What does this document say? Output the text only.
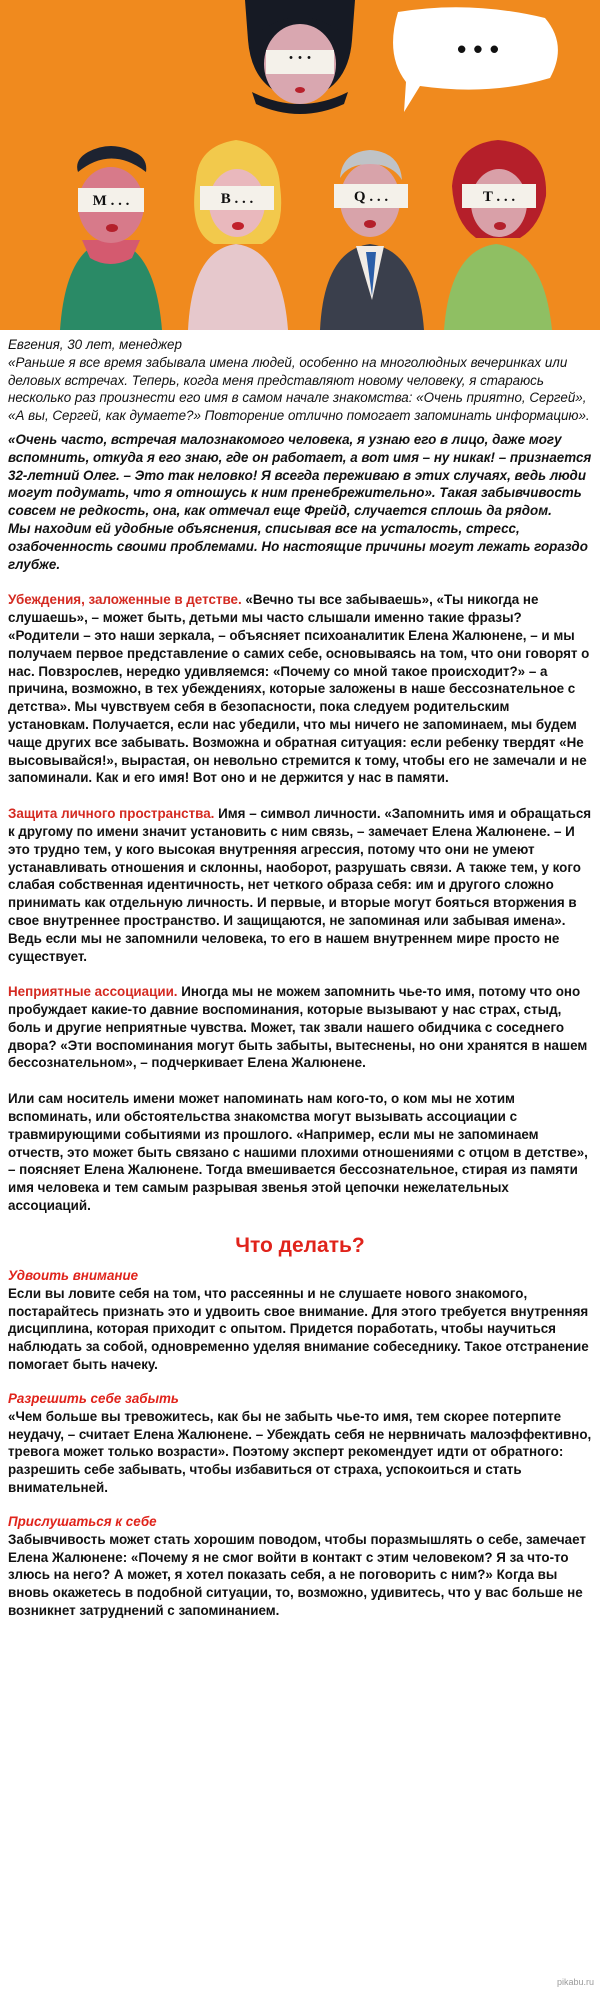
. . .	• • •
M . . .	B . . .	Q . . .	T . . .

Евгения, 30 лет, менеджер
«Раньше я все время забывала имена людей, особенно на многолюдных вечеринках или деловых встречах. Теперь, когда меня представляют новому человеку, я стараюсь несколько раз произнести его имя в самом начале знакомства: «Очень приятно, Сергей», «А вы, Сергей, как думаете?» Повторение отлично помогает запоминать информацию».

«Очень часто, встречая малознакомого человека, я узнаю его в лицо, даже могу вспомнить, откуда я его знаю, где он работает, а вот имя – ну никак! – признается 32-летний Олег. – Это так неловко! Я всегда переживаю в этих случаях, ведь люди могут подумать, что я отношусь к ним пренебрежительно». Такая забывчивость совсем не редкость, она, как отмечал еще Фрейд, случается сплошь да рядом.
Мы находим ей удобные объяснения, списывая все на усталость, стресс, озабоченность своими проблемами. Но настоящие причины могут лежать гораздо глубже.

Убеждения, заложенные в детстве. «Вечно ты все забываешь», «Ты никогда не слушаешь», – может быть, детьми мы часто слышали именно такие фразы? «Родители – это наши зеркала, – объясняет психоаналитик Елена Жалюнене, – и мы получаем первое представление о самих себе, основываясь на том, что они говорят о нас. Повзрослев, нередко удивляемся: «Почему со мной такое происходит?» – а причина, возможно, в тех убеждениях, которые заложены в наше бессознательное с детства». Мы чувствуем себя в безопасности, пока следуем родительским установкам. Получается, если нас убедили, что мы ничего не запоминаем, мы будем чаще других все забывать. Возможна и обратная ситуация: если ребенку твердят «Не высовывайся!», вырастая, он невольно стремится к тому, чтобы его не замечали и не запоминали. Как и его имя! Вот оно и не держится у нас в памяти.

Защита личного пространства. Имя – символ личности. «Запомнить имя и обращаться к другому по имени значит установить с ним связь, – замечает Елена Жалюнене. – И это трудно тем, у кого высокая внутренняя агрессия, потому что они не умеют устанавливать отношения и склонны, наоборот, разрушать связи. А также тем, у кого слабая собственная идентичность, нет четкого образа себя: им и другого сложно принимать как отдельную личность. И первые, и вторые могут бояться вторжения в свое внутреннее пространство. И защищаются, не запоминая или забывая имена». Ведь если мы не запомнили человека, то его в нашем внутреннем мире просто не существует.

Неприятные ассоциации. Иногда мы не можем запомнить чье-то имя, потому что оно пробуждает какие-то давние воспоминания, которые вызывают у нас страх, стыд, боль и другие неприятные чувства. Может, так звали нашего обидчика с соседнего двора? «Эти воспоминания могут быть забыты, вытеснены, но они хранятся в нашем бессознательном», – подчеркивает Елена Жалюнене.

Или сам носитель имени может напоминать нам кого-то, о ком мы не хотим вспоминать, или обстоятельства знакомства могут вызывать ассоциации с травмирующими событиями из прошлого. «Например, если мы не запоминаем отчеств, это может быть связано с нашими плохими отношениями с отцом в детстве», – поясняет Елена Жалюнене. Тогда вмешивается бессознательное, стирая из памяти имя человека и тем самым разрывая звенья этой цепочки нежелательных ассоциаций.

Что делать?

Удвоить внимание

Если вы ловите себя на том, что рассеянны и не слушаете нового знакомого, постарайтесь признать это и удвоить свое внимание. Для этого требуется внутренняя дисциплина, которая приходит с опытом. Придется поработать, чтобы научиться наблюдать за собой, одновременно уделяя внимание собеседнику. Такое отстранение помогает быть начеку.

Разрешить себе забыть

«Чем больше вы тревожитесь, как бы не забыть чье-то имя, тем скорее потерпите неудачу, – считает Елена Жалюнене. – Убеждать себя не нервничать малоэффективно, тревога может только возрасти». Поэтому эксперт рекомендует идти от обратного: разрешить себе забывать, чтобы избавиться от страха, успокоиться и стать внимательней.

Прислушаться к себе

Забывчивость может стать хорошим поводом, чтобы поразмышлять о себе, замечает Елена Жалюнене: «Почему я не смог войти в контакт с этим человеком? Я за что-то злюсь на него? А может, я хотел показать себя, а не поговорить с ним?» Когда вы вновь окажетесь в подобной ситуации, то, возможно, удивитесь, что у вас больше не возникнет затруднений с запоминанием.

pikabu.ru
